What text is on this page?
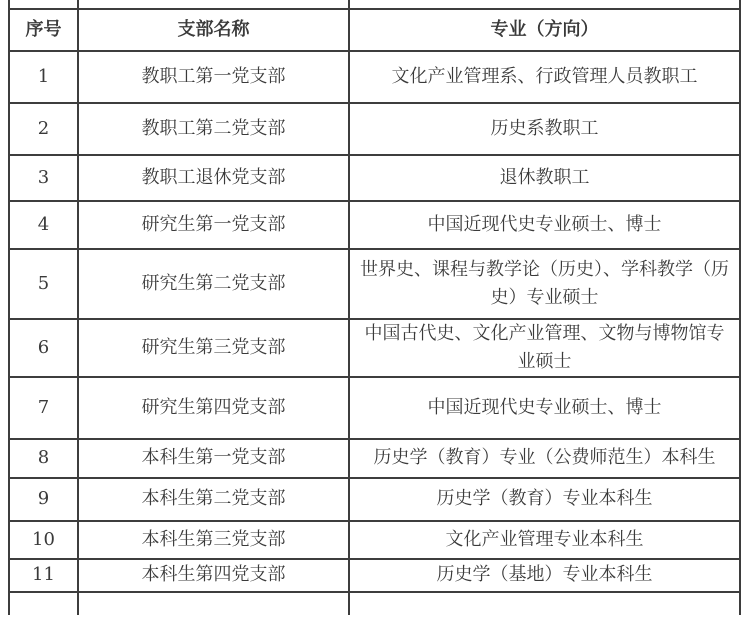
序号	支部名称	专业（方向）
1	教职工第一党支部	文化产业管理系、行政管理人员教职工
2	教职工第二党支部	历史系教职工
3	教职工退休党支部	退休教职工
4	研究生第一党支部	中国近现代史专业硕士、博士
5	研究生第二党支部	世界史、课程与教学论（历史）、学科教学（历史）专业硕士
6	研究生第三党支部	中国古代史、文化产业管理、文物与博物馆专业硕士
7	研究生第四党支部	中国近现代史专业硕士、博士
8	本科生第一党支部	历史学（教育）专业（公费师范生）本科生
9	本科生第二党支部	历史学（教育）专业本科生
10	本科生第三党支部	文化产业管理专业本科生
11	本科生第四党支部	历史学（基地）专业本科生
